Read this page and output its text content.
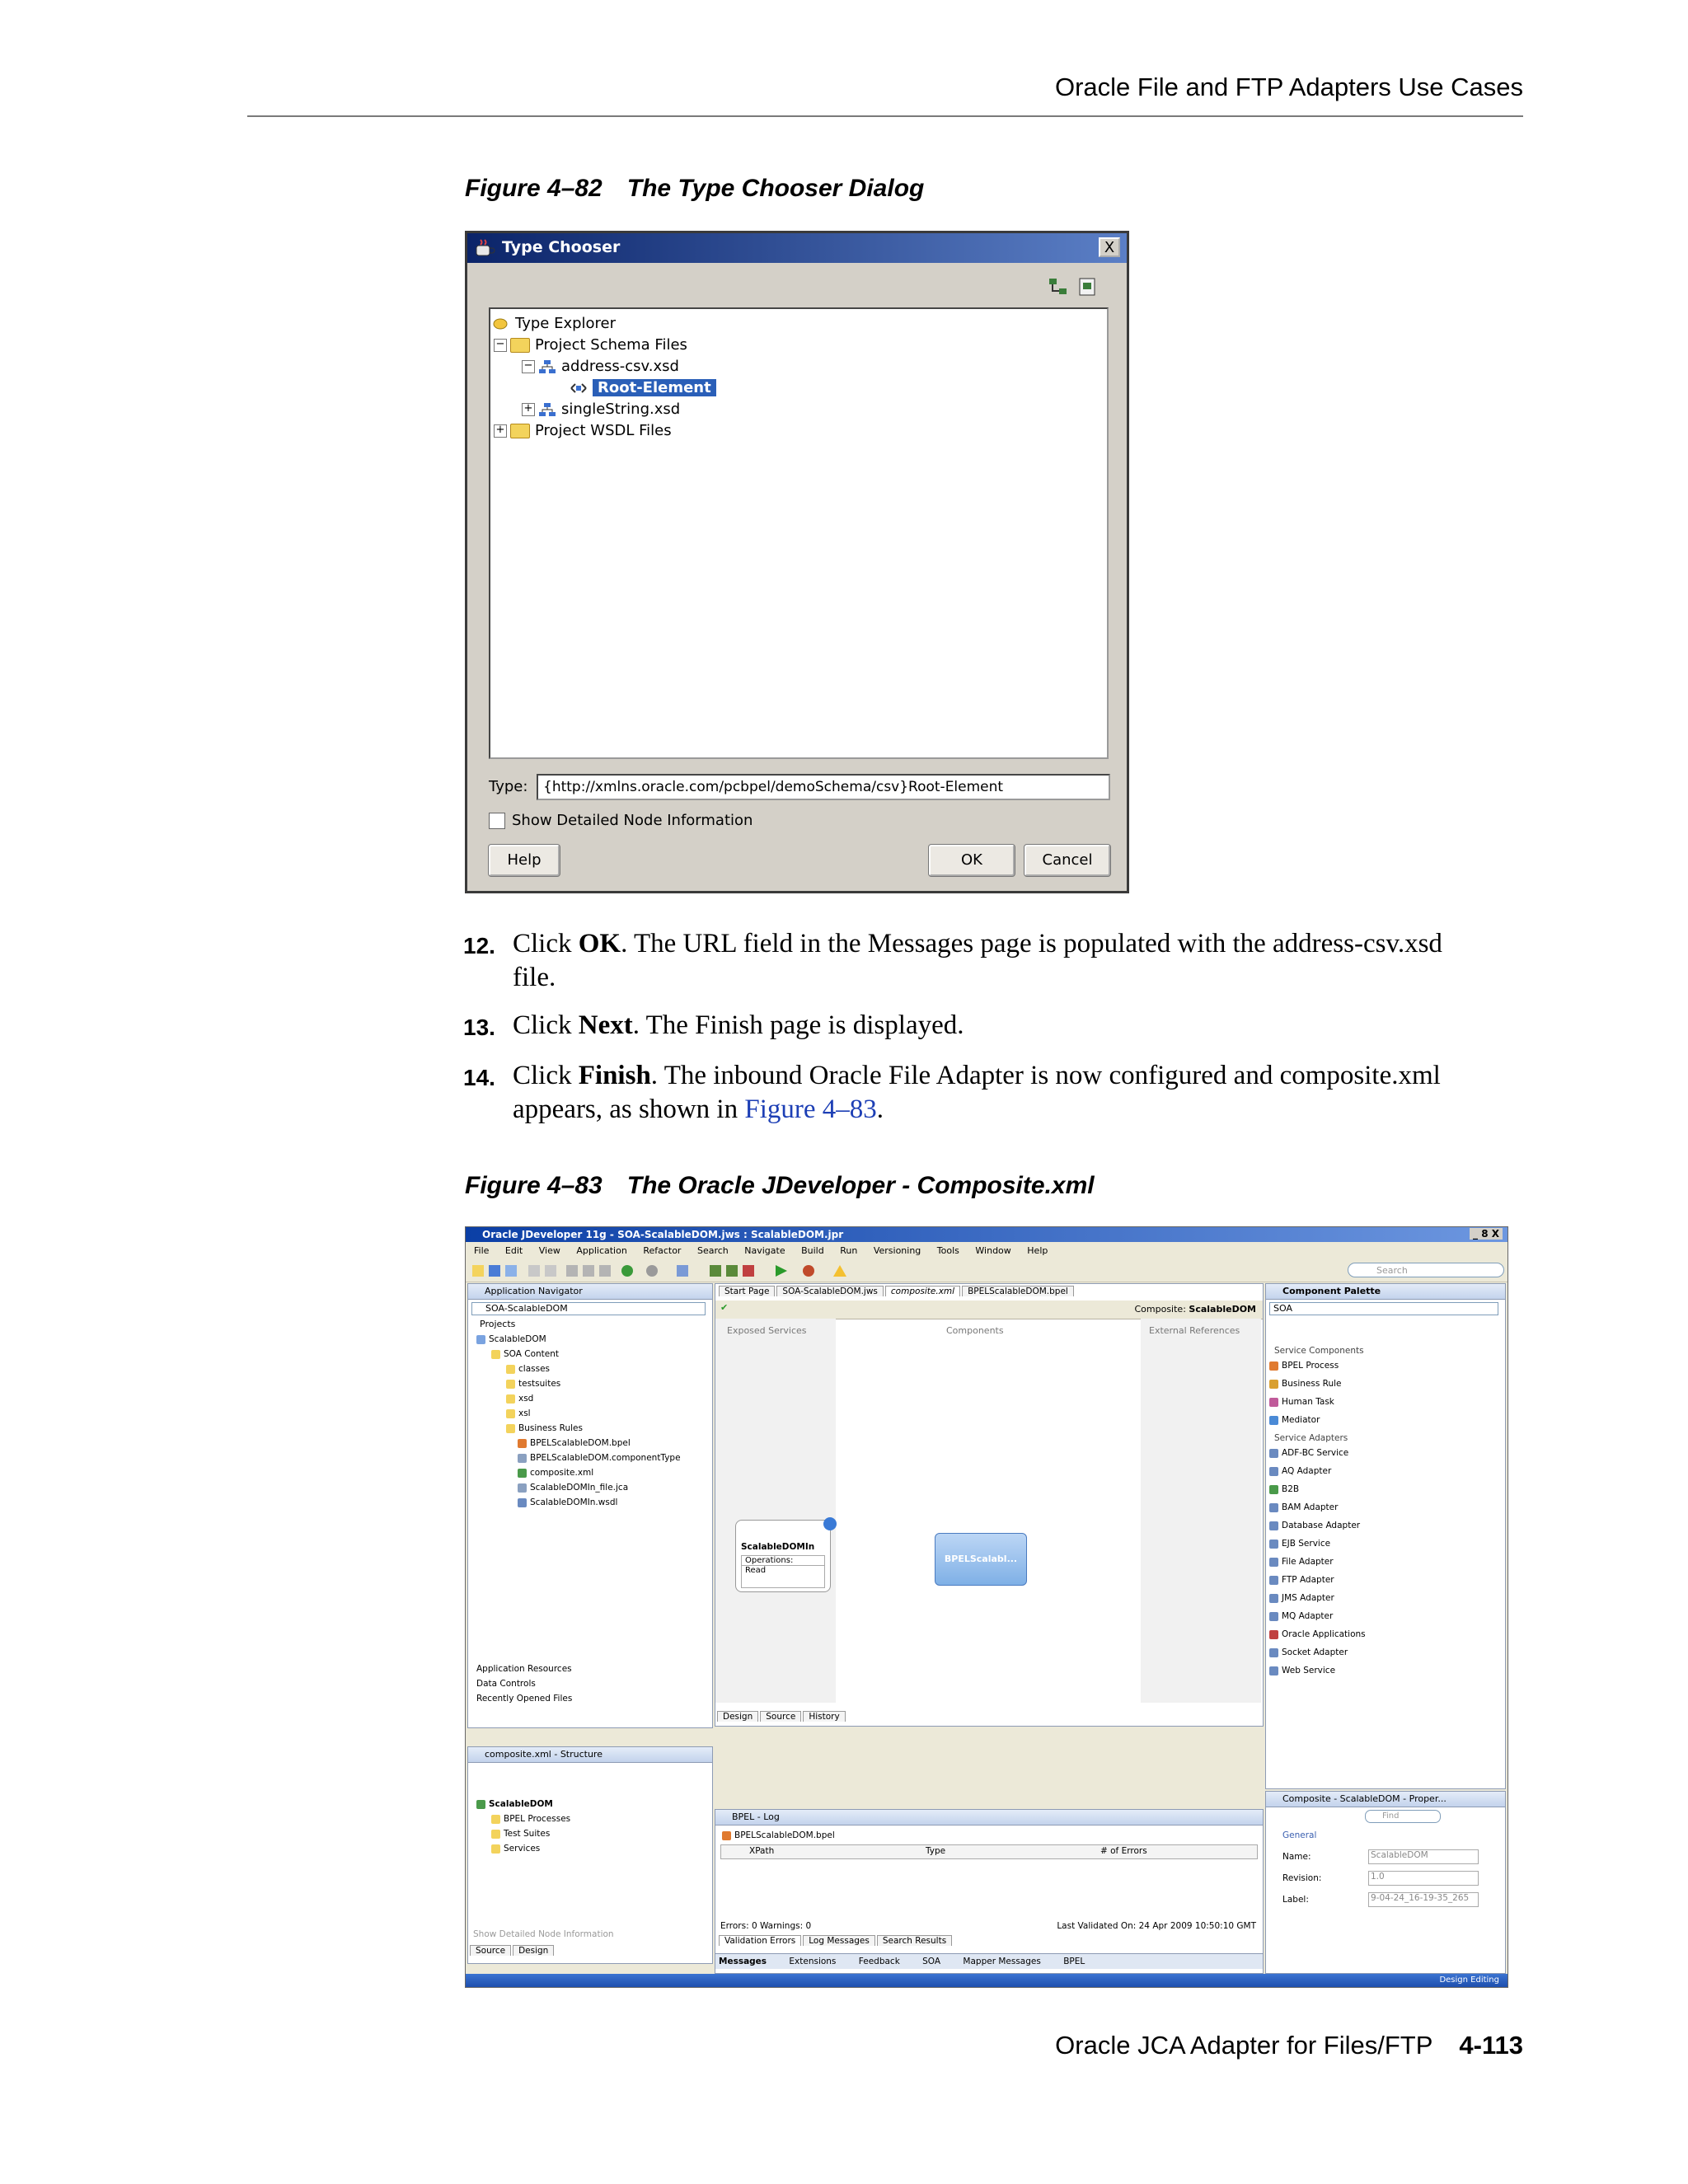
Oracle File and FTP Adapters Use Cases
Figure 4–82 The Type Chooser Dialog
Type Chooser	X
Type Explorer
− Project Schema Files
− address-csv.xsd
Root-Element
+ singleString.xsd
+ Project WSDL Files
Type:	{http://xmlns.oracle.com/pcbpel/demoSchema/csv}Root-Element
Show Detailed Node Information
Help	OK	Cancel
12. Click OK. The URL field in the Messages page is populated with the address-csv.xsd file.
13. Click Next. The Finish page is displayed.
14. Click Finish. The inbound Oracle File Adapter is now configured and composite.xml appears, as shown in Figure 4–83.
Figure 4–83 The Oracle JDeveloper - Composite.xml
Oracle JDeveloper 11g - SOA-ScalableDOM.jws : ScalableDOM.jpr	_ 8 X
File Edit View Application Refactor Search Navigate Build Run Versioning Tools Window Help
Search
Application Navigator
SOA-ScalableDOM
Projects
ScalableDOM
SOA Content
classes
testsuites
xsd
xsl
Business Rules
BPELScalableDOM.bpel
BPELScalableDOM.componentType
composite.xml
ScalableDOMIn_file.jca
ScalableDOMIn.wsdl
Application Resources
Data Controls
Recently Opened Files
composite.xml - Structure
ScalableDOM
BPEL Processes
Test Suites
Services
Show Detailed Node Information
Source Design
Start Page SOA-ScalableDOM.jws composite.xml BPELScalableDOM.bpel
✔	Composite: ScalableDOM
Exposed Services	Components	External References
ScalableDOMIn
Operations:
Read
BPELScalabl...
Design Source History
BPEL - Log
BPELScalableDOM.bpel
XPath	Type	# of Errors
Errors: 0 Warnings: 0	Last Validated On: 24 Apr 2009 10:50:10 GMT
Validation Errors Log Messages Search Results
Messages	Extensions	Feedback	SOA	Mapper Messages	BPEL
Component Palette
SOA
Service Components
BPEL Process
Business Rule
Human Task
Mediator
Service Adapters
ADF-BC Service
AQ Adapter
B2B
BAM Adapter
Database Adapter
EJB Service
File Adapter
FTP Adapter
JMS Adapter
MQ Adapter
Oracle Applications
Socket Adapter
Web Service
Composite - ScalableDOM - Proper...
Find
General
Name:	ScalableDOM
Revision:	1.0
Label:	9-04-24_16-19-35_265
Design Editing
Oracle JCA Adapter for Files/FTP 4-113
